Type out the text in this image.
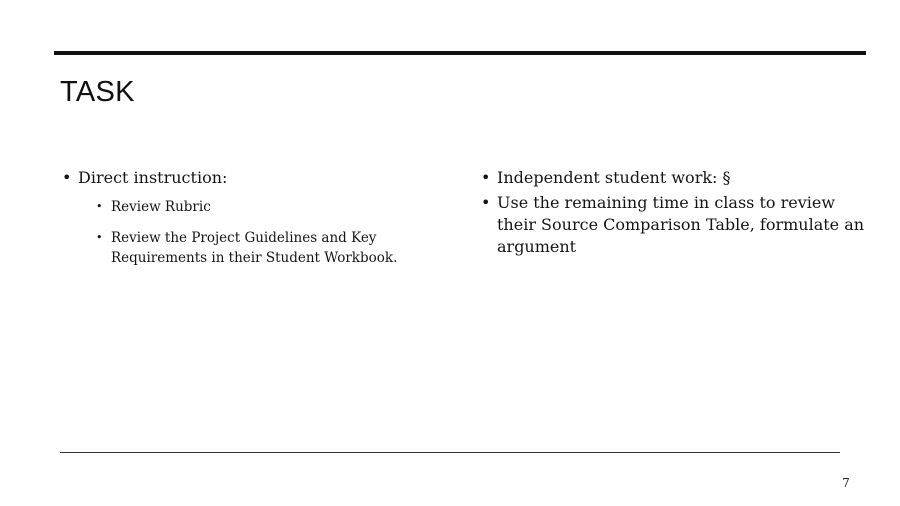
TASK
• Direct instruction:
• Review Rubric
• Review the Project Guidelines and Key Requirements in their Student Workbook.
• Independent student work: §
• Use the remaining time in class to review their Source Comparison Table, formulate an argument
7
